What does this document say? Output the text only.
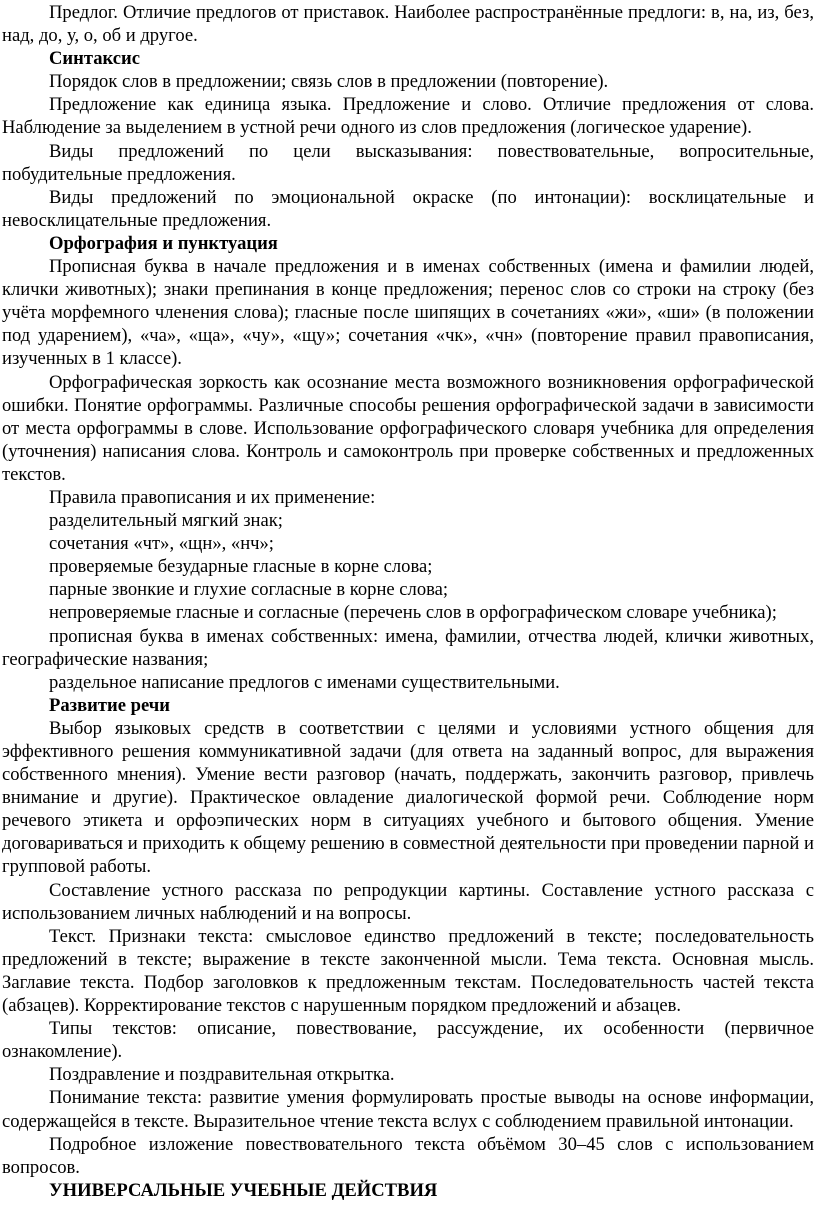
Предлог. Отличие предлогов от приставок. Наиболее распространённые предлоги: в, на, из, без, над, до, у, о, об и другое.

Синтаксис

Порядок слов в предложении; связь слов в предложении (повторение).

Предложение как единица языка. Предложение и слово. Отличие предложения от слова. Наблюдение за выделением в устной речи одного из слов предложения (логическое ударение).

Виды предложений по цели высказывания: повествовательные, вопросительные, побудительные предложения.

Виды предложений по эмоциональной окраске (по интонации): восклицательные и невосклицательные предложения.

Орфография и пунктуация

Прописная буква в начале предложения и в именах собственных (имена и фамилии людей, клички животных); знаки препинания в конце предложения; перенос слов со строки на строку (без учёта морфемного членения слова); гласные после шипящих в сочетаниях «жи», «ши» (в положении под ударением), «ча», «ща», «чу», «щу»; сочетания «чк», «чн» (повторение правил правописания, изученных в 1 классе).

Орфографическая зоркость как осознание места возможного возникновения орфографической ошибки. Понятие орфограммы. Различные способы решения орфографической задачи в зависимости от места орфограммы в слове. Использование орфографического словаря учебника для определения (уточнения) написания слова. Контроль и самоконтроль при проверке собственных и предложенных текстов.

Правила правописания и их применение:

разделительный мягкий знак;

сочетания «чт», «щн», «нч»;

проверяемые безударные гласные в корне слова;

парные звонкие и глухие согласные в корне слова;

непроверяемые гласные и согласные (перечень слов в орфографическом словаре учебника);

прописная буква в именах собственных: имена, фамилии, отчества людей, клички животных, географические названия;

раздельное написание предлогов с именами существительными.

Развитие речи

Выбор языковых средств в соответствии с целями и условиями устного общения для эффективного решения коммуникативной задачи (для ответа на заданный вопрос, для выражения собственного мнения). Умение вести разговор (начать, поддержать, закончить разговор, привлечь внимание и другие). Практическое овладение диалогической формой речи. Соблюдение норм речевого этикета и орфоэпических норм в ситуациях учебного и бытового общения. Умение договариваться и приходить к общему решению в совместной деятельности при проведении парной и групповой работы.

Составление устного рассказа по репродукции картины. Составление устного рассказа с использованием личных наблюдений и на вопросы.

Текст. Признаки текста: смысловое единство предложений в тексте; последовательность предложений в тексте; выражение в тексте законченной мысли. Тема текста. Основная мысль. Заглавие текста. Подбор заголовков к предложенным текстам. Последовательность частей текста (абзацев). Корректирование текстов с нарушенным порядком предложений и абзацев.

Типы текстов: описание, повествование, рассуждение, их особенности (первичное ознакомление).

Поздравление и поздравительная открытка.

Понимание текста: развитие умения формулировать простые выводы на основе информации, содержащейся в тексте. Выразительное чтение текста вслух с соблюдением правильной интонации.

Подробное изложение повествовательного текста объёмом 30–45 слов с использованием вопросов.

УНИВЕРСАЛЬНЫЕ УЧЕБНЫЕ ДЕЙСТВИЯ
